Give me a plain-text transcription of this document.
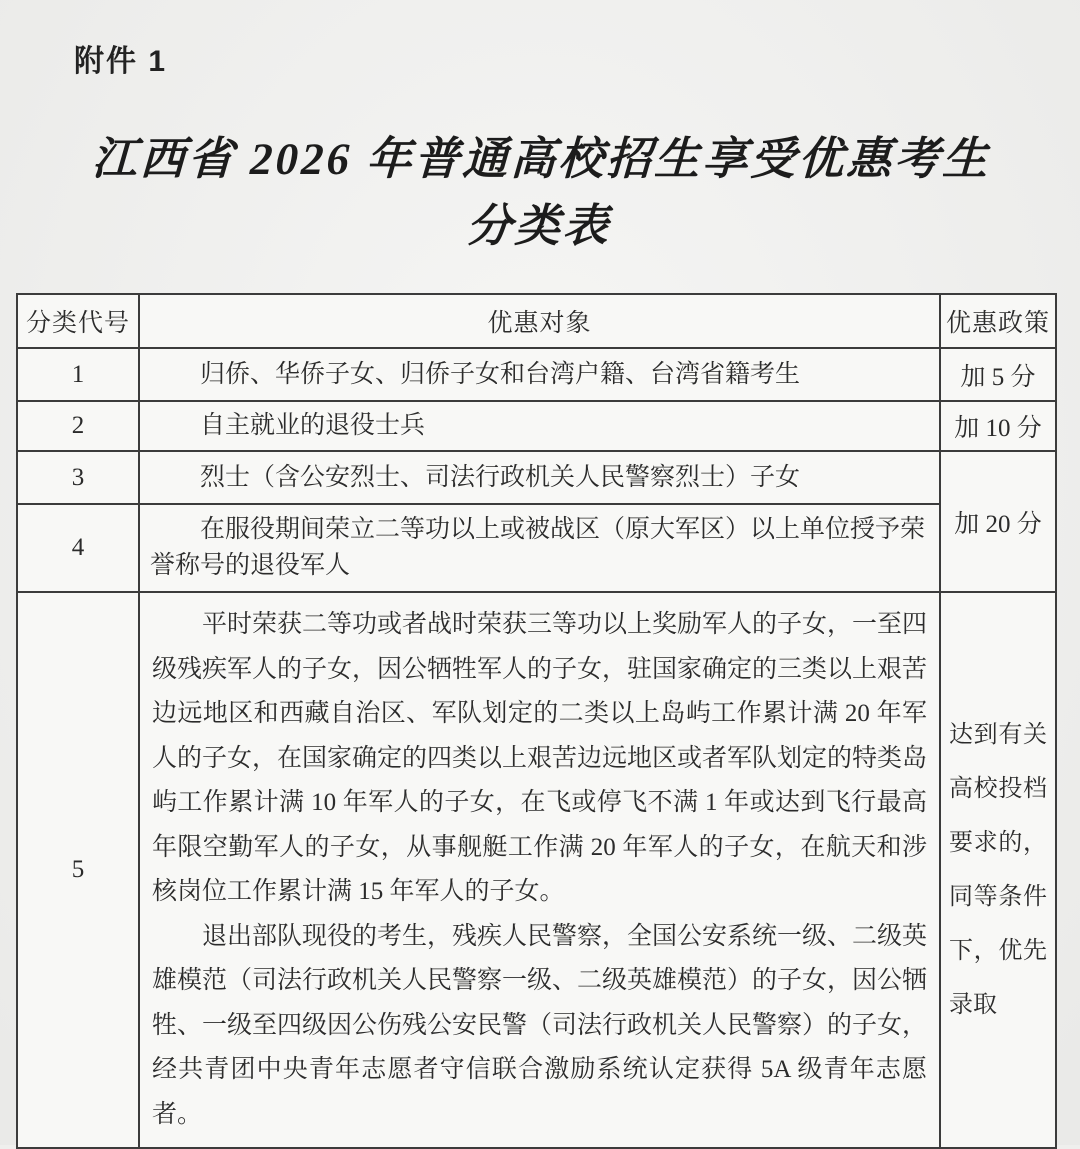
附件 1
江西省 2026 年普通高校招生享受优惠考生
分类表
分类代号	优惠对象	优惠政策
1	归侨、华侨子女、归侨子女和台湾户籍、台湾省籍考生	加 5 分
2	自主就业的退役士兵	加 10 分
3	烈士（含公安烈士、司法行政机关人民警察烈士）子女	加 20 分
4	在服役期间荣立二等功以上或被战区（原大军区）以上单位授予荣誉称号的退役军人	
5	平时荣获二等功或者战时荣获三等功以上奖励军人的子女，一至四级残疾军人的子女，因公牺牲军人的子女，驻国家确定的三类以上艰苦边远地区和西藏自治区、军队划定的二类以上岛屿工作累计满 20 年军人的子女，在国家确定的四类以上艰苦边远地区或者军队划定的特类岛屿工作累计满 10 年军人的子女，在飞或停飞不满 1 年或达到飞行最高年限空勤军人的子女，从事舰艇工作满 20 年军人的子女，在航天和涉核岗位工作累计满 15 年军人的子女。

退出部队现役的考生，残疾人民警察，全国公安系统一级、二级英雄模范（司法行政机关人民警察一级、二级英雄模范）的子女，因公牺牲、一级至四级因公伤残公安民警（司法行政机关人民警察）的子女，经共青团中央青年志愿者守信联合激励系统认定获得 5A 级青年志愿者。	达到有关高校投档要求的，同等条件下，优先录取
